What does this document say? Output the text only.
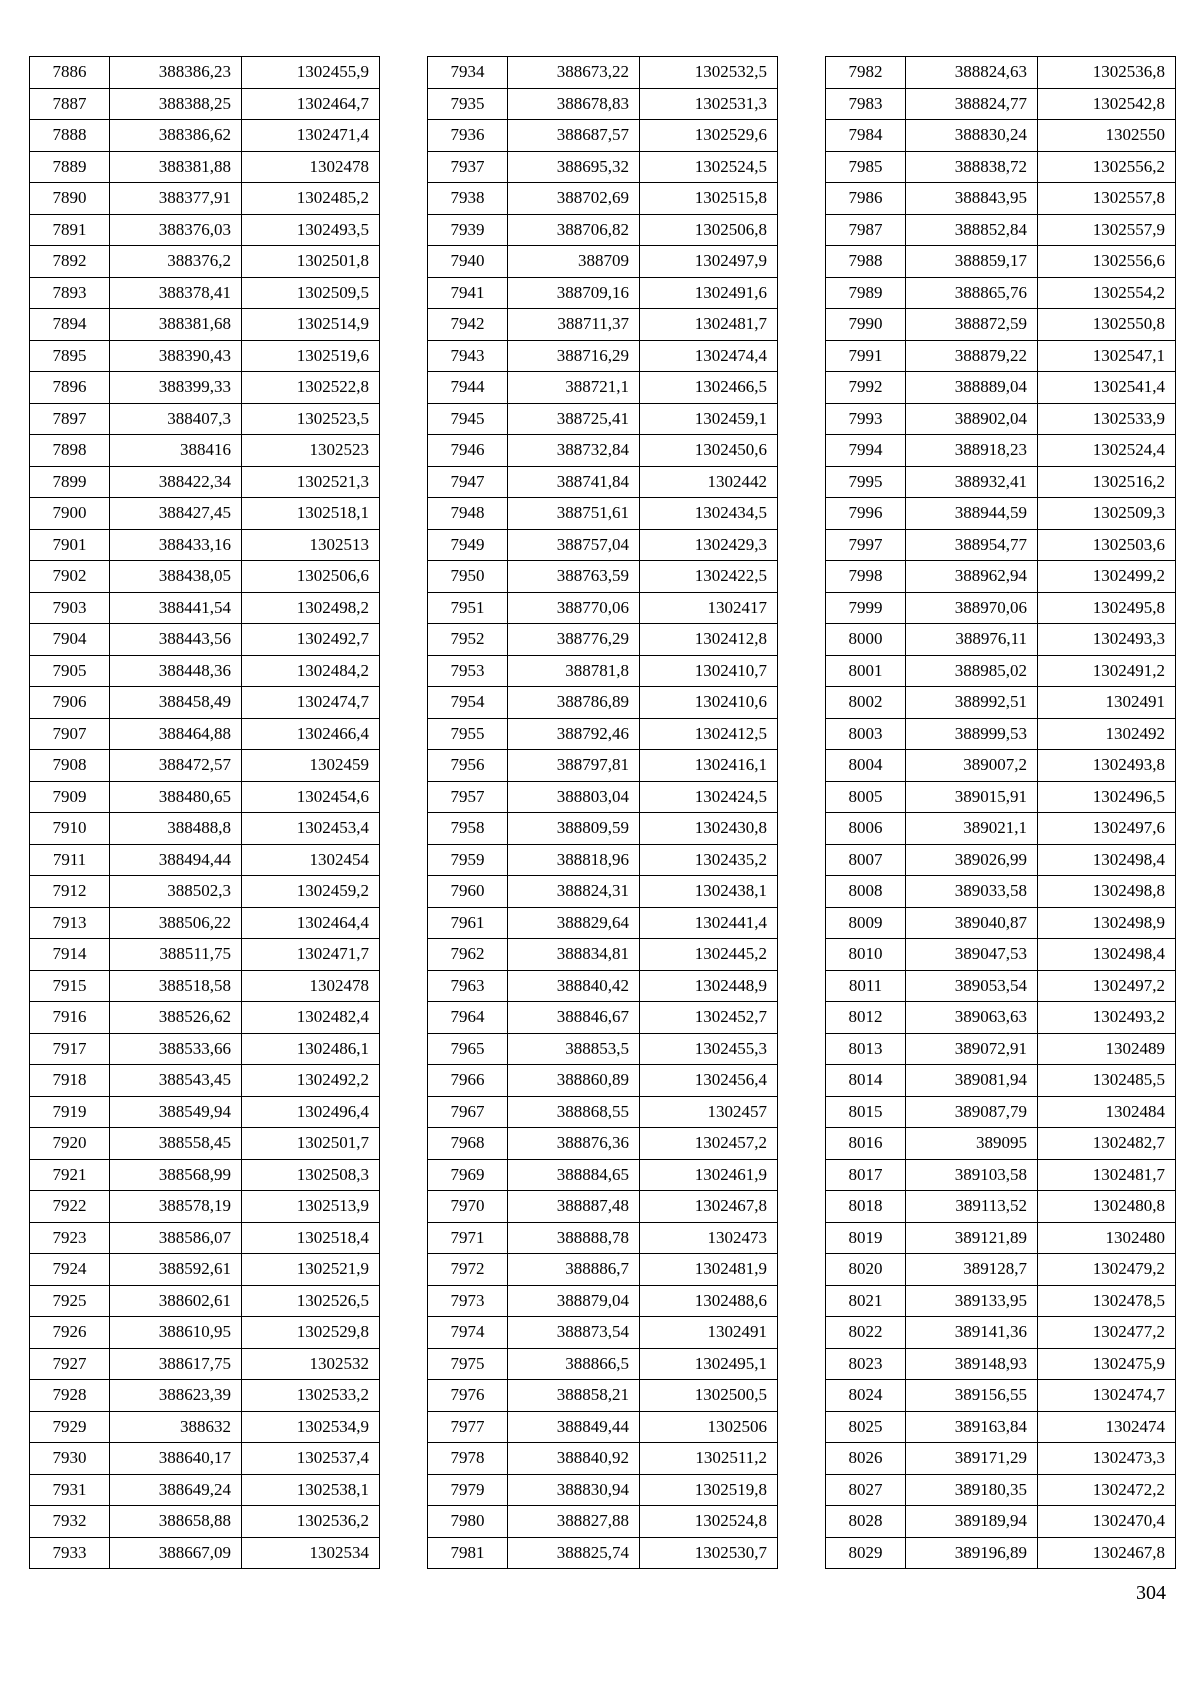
7886	388386,23	1302455,9
7887	388388,25	1302464,7
7888	388386,62	1302471,4
7889	388381,88	1302478
7890	388377,91	1302485,2
7891	388376,03	1302493,5
7892	388376,2	1302501,8
7893	388378,41	1302509,5
7894	388381,68	1302514,9
7895	388390,43	1302519,6
7896	388399,33	1302522,8
7897	388407,3	1302523,5
7898	388416	1302523
7899	388422,34	1302521,3
7900	388427,45	1302518,1
7901	388433,16	1302513
7902	388438,05	1302506,6
7903	388441,54	1302498,2
7904	388443,56	1302492,7
7905	388448,36	1302484,2
7906	388458,49	1302474,7
7907	388464,88	1302466,4
7908	388472,57	1302459
7909	388480,65	1302454,6
7910	388488,8	1302453,4
7911	388494,44	1302454
7912	388502,3	1302459,2
7913	388506,22	1302464,4
7914	388511,75	1302471,7
7915	388518,58	1302478
7916	388526,62	1302482,4
7917	388533,66	1302486,1
7918	388543,45	1302492,2
7919	388549,94	1302496,4
7920	388558,45	1302501,7
7921	388568,99	1302508,3
7922	388578,19	1302513,9
7923	388586,07	1302518,4
7924	388592,61	1302521,9
7925	388602,61	1302526,5
7926	388610,95	1302529,8
7927	388617,75	1302532
7928	388623,39	1302533,2
7929	388632	1302534,9
7930	388640,17	1302537,4
7931	388649,24	1302538,1
7932	388658,88	1302536,2
7933	388667,09	1302534
7934	388673,22	1302532,5
7935	388678,83	1302531,3
7936	388687,57	1302529,6
7937	388695,32	1302524,5
7938	388702,69	1302515,8
7939	388706,82	1302506,8
7940	388709	1302497,9
7941	388709,16	1302491,6
7942	388711,37	1302481,7
7943	388716,29	1302474,4
7944	388721,1	1302466,5
7945	388725,41	1302459,1
7946	388732,84	1302450,6
7947	388741,84	1302442
7948	388751,61	1302434,5
7949	388757,04	1302429,3
7950	388763,59	1302422,5
7951	388770,06	1302417
7952	388776,29	1302412,8
7953	388781,8	1302410,7
7954	388786,89	1302410,6
7955	388792,46	1302412,5
7956	388797,81	1302416,1
7957	388803,04	1302424,5
7958	388809,59	1302430,8
7959	388818,96	1302435,2
7960	388824,31	1302438,1
7961	388829,64	1302441,4
7962	388834,81	1302445,2
7963	388840,42	1302448,9
7964	388846,67	1302452,7
7965	388853,5	1302455,3
7966	388860,89	1302456,4
7967	388868,55	1302457
7968	388876,36	1302457,2
7969	388884,65	1302461,9
7970	388887,48	1302467,8
7971	388888,78	1302473
7972	388886,7	1302481,9
7973	388879,04	1302488,6
7974	388873,54	1302491
7975	388866,5	1302495,1
7976	388858,21	1302500,5
7977	388849,44	1302506
7978	388840,92	1302511,2
7979	388830,94	1302519,8
7980	388827,88	1302524,8
7981	388825,74	1302530,7
7982	388824,63	1302536,8
7983	388824,77	1302542,8
7984	388830,24	1302550
7985	388838,72	1302556,2
7986	388843,95	1302557,8
7987	388852,84	1302557,9
7988	388859,17	1302556,6
7989	388865,76	1302554,2
7990	388872,59	1302550,8
7991	388879,22	1302547,1
7992	388889,04	1302541,4
7993	388902,04	1302533,9
7994	388918,23	1302524,4
7995	388932,41	1302516,2
7996	388944,59	1302509,3
7997	388954,77	1302503,6
7998	388962,94	1302499,2
7999	388970,06	1302495,8
8000	388976,11	1302493,3
8001	388985,02	1302491,2
8002	388992,51	1302491
8003	388999,53	1302492
8004	389007,2	1302493,8
8005	389015,91	1302496,5
8006	389021,1	1302497,6
8007	389026,99	1302498,4
8008	389033,58	1302498,8
8009	389040,87	1302498,9
8010	389047,53	1302498,4
8011	389053,54	1302497,2
8012	389063,63	1302493,2
8013	389072,91	1302489
8014	389081,94	1302485,5
8015	389087,79	1302484
8016	389095	1302482,7
8017	389103,58	1302481,7
8018	389113,52	1302480,8
8019	389121,89	1302480
8020	389128,7	1302479,2
8021	389133,95	1302478,5
8022	389141,36	1302477,2
8023	389148,93	1302475,9
8024	389156,55	1302474,7
8025	389163,84	1302474
8026	389171,29	1302473,3
8027	389180,35	1302472,2
8028	389189,94	1302470,4
8029	389196,89	1302467,8
304
